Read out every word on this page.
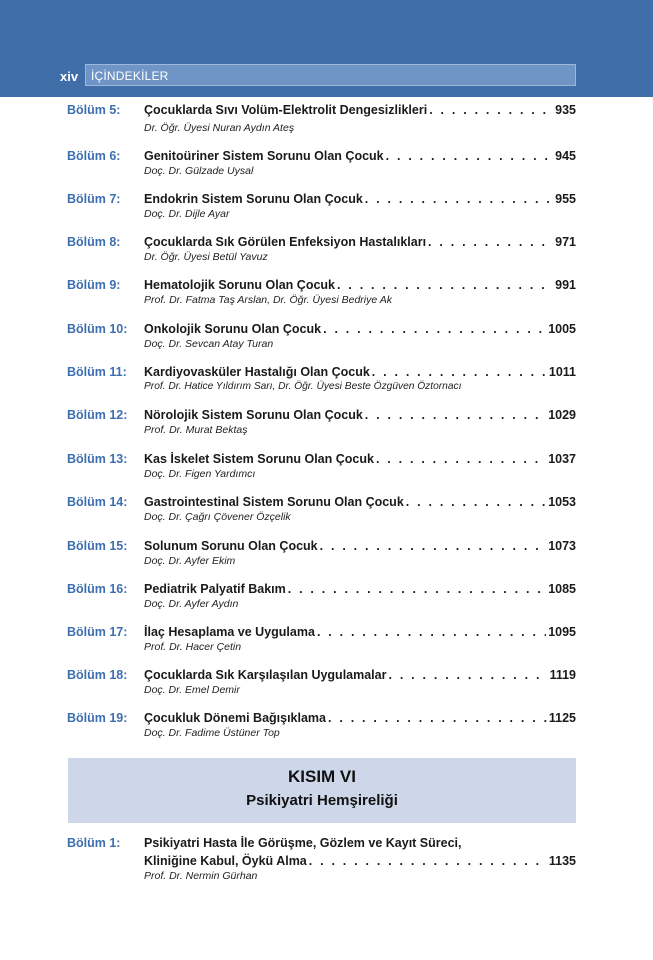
xiv İÇİNDEKİLER
Bölüm 5: Çocuklarda Sıvı Volüm-Elektrolit Dengesizlikleri . . .	935
Dr. Öğr. Üyesi Nuran Aydın Ateş
Bölüm 6: Genitoüriner Sistem Sorunu Olan Çocuk . . .	945
Doç. Dr. Gülzade Uysal
Bölüm 7: Endokrin Sistem Sorunu Olan Çocuk . . .	955
Doç. Dr. Dijle Ayar
Bölüm 8: Çocuklarda Sık Görülen Enfeksiyon Hastalıkları . . .	971
Dr. Öğr. Üyesi Betül Yavuz
Bölüm 9: Hematolojik Sorunu Olan Çocuk . . .	991
Prof. Dr. Fatma Taş Arslan, Dr. Öğr. Üyesi Bedriye Ak
Bölüm 10: Onkolojik Sorunu Olan Çocuk . . .	1005
Doç. Dr. Sevcan Atay Turan
Bölüm 11: Kardiyovasküler Hastalığı Olan Çocuk . . .	1011
Prof. Dr. Hatice Yıldırım Sarı, Dr. Öğr. Üyesi Beste Özgüven Öztornacı
Bölüm 12: Nörolojik Sistem Sorunu Olan Çocuk . . .	1029
Prof. Dr. Murat Bektaş
Bölüm 13: Kas İskelet Sistem Sorunu Olan Çocuk . . .	1037
Doç. Dr. Figen Yardımcı
Bölüm 14: Gastrointestinal Sistem Sorunu Olan Çocuk . . .	1053
Doç. Dr. Çağrı Çövener Özçelik
Bölüm 15: Solunum Sorunu Olan Çocuk . . .	1073
Doç. Dr. Ayfer Ekim
Bölüm 16: Pediatrik Palyatif Bakım . . .	1085
Doç. Dr. Ayfer Aydın
Bölüm 17: İlaç Hesaplama ve Uygulama . . .	1095
Prof. Dr. Hacer Çetin
Bölüm 18: Çocuklarda Sık Karşılaşılan Uygulamalar . . .	1119
Doç. Dr. Emel Demir
Bölüm 19: Çocukluk Dönemi Bağışıklama . . .	1125
Doç. Dr. Fadime Üstüner Top
KISIM VI
Psikiyatri Hemşireliği
Bölüm 1: Psikiyatri Hasta İle Görüşme, Gözlem ve Kayıt Süreci,
Kliniğine Kabul, Öykü Alma . . .	1135
Prof. Dr. Nermin Gürhan
